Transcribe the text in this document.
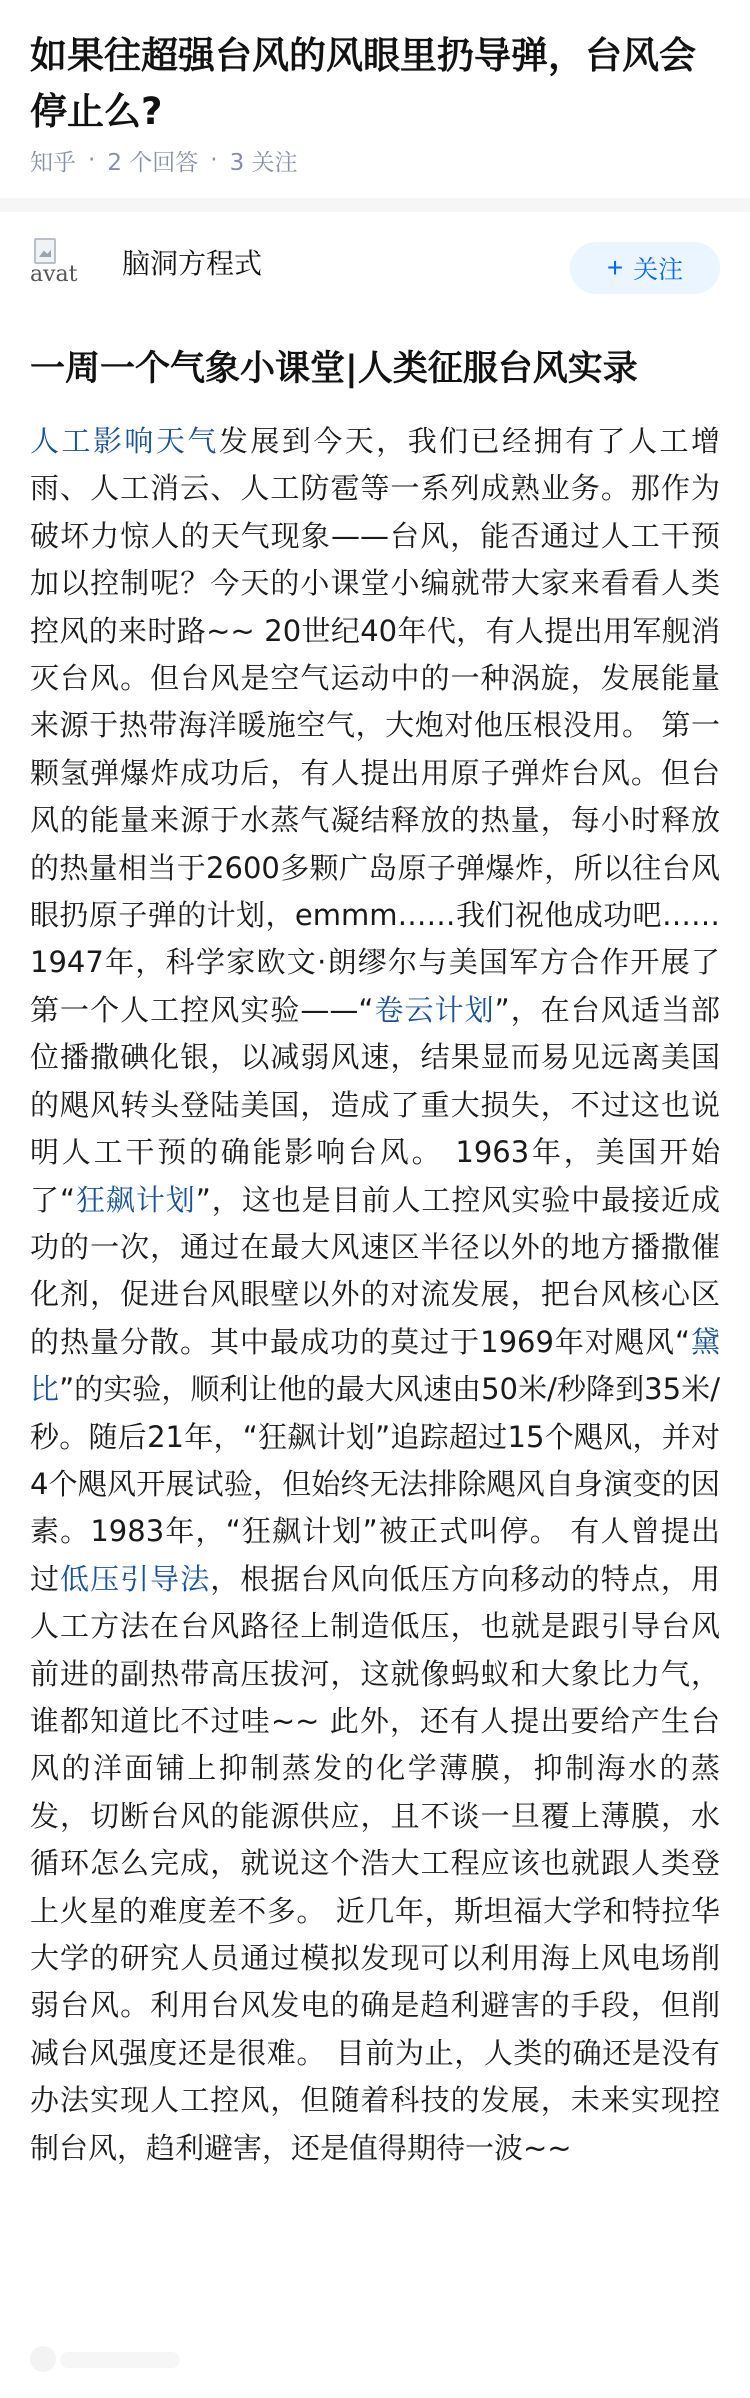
如果往超强台风的风眼里扔导弹，台风会停止么?
知乎 · 2 个回答 · 3 关注
avat 脑洞方程式	+ 关注
一周一个气象小课堂|人类征服台风实录

人工影响天气发展到今天，我们已经拥有了人工增雨、人工消云、人工防雹等一系列成熟业务。那作为破坏力惊人的天气现象——台风，能否通过人工干预加以控制呢？今天的小课堂小编就带大家来看看人类控风的来时路~~ 20世纪40年代，有人提出用军舰消灭台风。但台风是空气运动中的一种涡旋，发展能量来源于热带海洋暖施空气，大炮对他压根没用。 第一颗氢弹爆炸成功后，有人提出用原子弹炸台风。但台风的能量来源于水蒸气凝结释放的热量，每小时释放的热量相当于2600多颗广岛原子弹爆炸，所以往台风眼扔原子弹的计划，emmm……我们祝他成功吧…… 1947年，科学家欧文·朗缪尔与美国军方合作开展了第一个人工控风实验——“卷云计划”，在台风适当部位播撒碘化银，以减弱风速，结果显而易见远离美国的飓风转头登陆美国，造成了重大损失，不过这也说明人工干预的确能影响台风。 1963年，美国开始了“狂飙计划”，这也是目前人工控风实验中最接近成功的一次，通过在最大风速区半径以外的地方播撒催化剂，促进台风眼壁以外的对流发展，把台风核心区的热量分散。其中最成功的莫过于1969年对飓风“黛比”的实验，顺利让他的最大风速由50米/秒降到35米/秒。随后21年，“狂飙计划”追踪超过15个飓风，并对4个飓风开展试验，但始终无法排除飓风自身演变的因素。1983年，“狂飙计划”被正式叫停。 有人曾提出过低压引导法，根据台风向低压方向移动的特点，用人工方法在台风路径上制造低压，也就是跟引导台风前进的副热带高压拔河，这就像蚂蚁和大象比力气，谁都知道比不过哇~~ 此外，还有人提出要给产生台风的洋面铺上抑制蒸发的化学薄膜，抑制海水的蒸发，切断台风的能源供应，且不谈一旦覆上薄膜，水循环怎么完成，就说这个浩大工程应该也就跟人类登上火星的难度差不多。 近几年，斯坦福大学和特拉华大学的研究人员通过模拟发现可以利用海上风电场削弱台风。利用台风发电的确是趋利避害的手段，但削减台风强度还是很难。 目前为止，人类的确还是没有办法实现人工控风，但随着科技的发展，未来实现控制台风，趋利避害，还是值得期待一波~~
